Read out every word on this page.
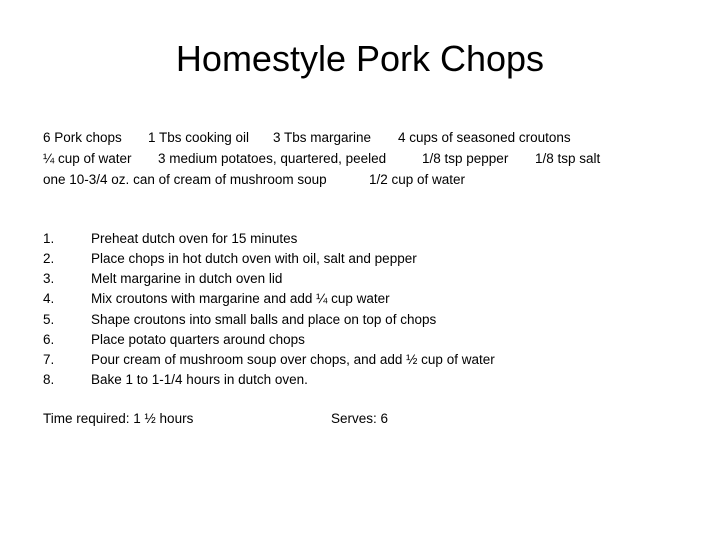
Homestyle Pork Chops
6 Pork chops 1 Tbs cooking oil 3 Tbs margarine 4 cups of seasoned croutons
¼ cup of water 3 medium potatoes, quartered, peeled	1/8 tsp pepper 1/8 tsp salt
one 10-3/4 oz. can of cream of mushroom soup	1/2 cup of water
1.	Preheat dutch oven for 15 minutes
2.	Place chops in hot dutch oven with oil, salt and pepper
3.	Melt margarine in dutch oven lid
4.	Mix croutons with margarine and add ¼ cup water
5.	Shape croutons into small balls and place on top of chops
6.	Place potato quarters around chops
7.	Pour cream of mushroom soup over chops, and add ½ cup of water
8.	Bake 1 to 1-1/4 hours in dutch oven.
Time required: 1 ½ hours	Serves: 6
